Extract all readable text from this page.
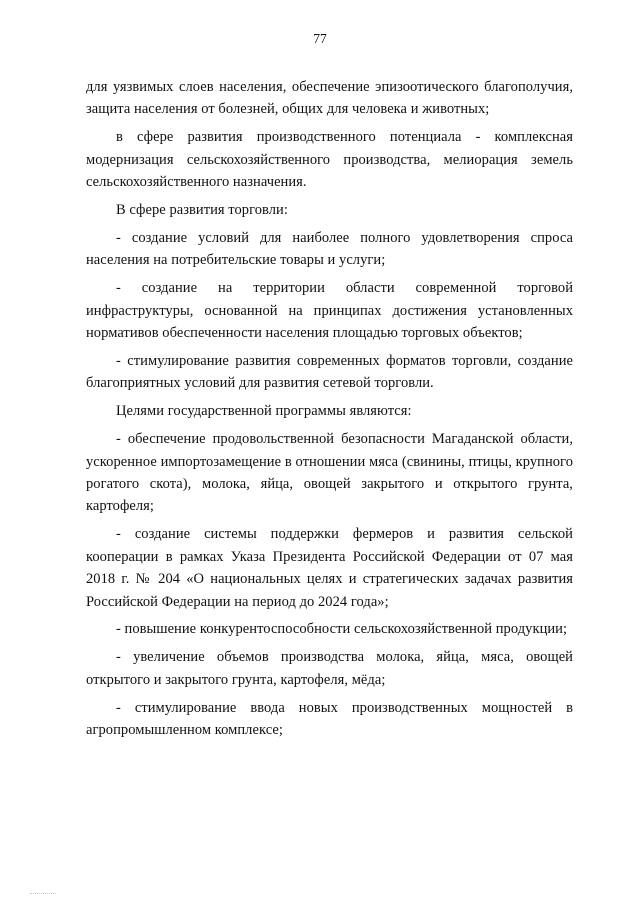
77

для уязвимых слоев населения, обеспечение эпизоотического благополучия, защита населения от болезней, общих для человека и животных;

в сфере развития производственного потенциала - комплексная модернизация сельскохозяйственного производства, мелиорация земель сельскохозяйственного назначения.

В сфере развития торговли:

- создание условий для наиболее полного удовлетворения спроса населения на потребительские товары и услуги;

- создание на территории области современной торговой инфраструктуры, основанной на принципах достижения установленных нормативов обеспеченности населения площадью торговых объектов;

- стимулирование развития современных форматов торговли, создание благоприятных условий для развития сетевой торговли.

Целями государственной программы являются:

- обеспечение продовольственной безопасности Магаданской области, ускоренное импортозамещение в отношении мяса (свинины, птицы, крупного рогатого скота), молока, яйца, овощей закрытого и открытого грунта, картофеля;

- создание системы поддержки фермеров и развития сельской кооперации в рамках Указа Президента Российской Федерации от 07 мая 2018 г. № 204 «О национальных целях и стратегических задачах развития Российской Федерации на период до 2024 года»;

- повышение конкурентоспособности сельскохозяйственной продукции;

- увеличение объемов производства молока, яйца, мяса, овощей открытого и закрытого грунта, картофеля, мёда;

- стимулирование ввода новых производственных мощностей в агропромышленном комплексе;
